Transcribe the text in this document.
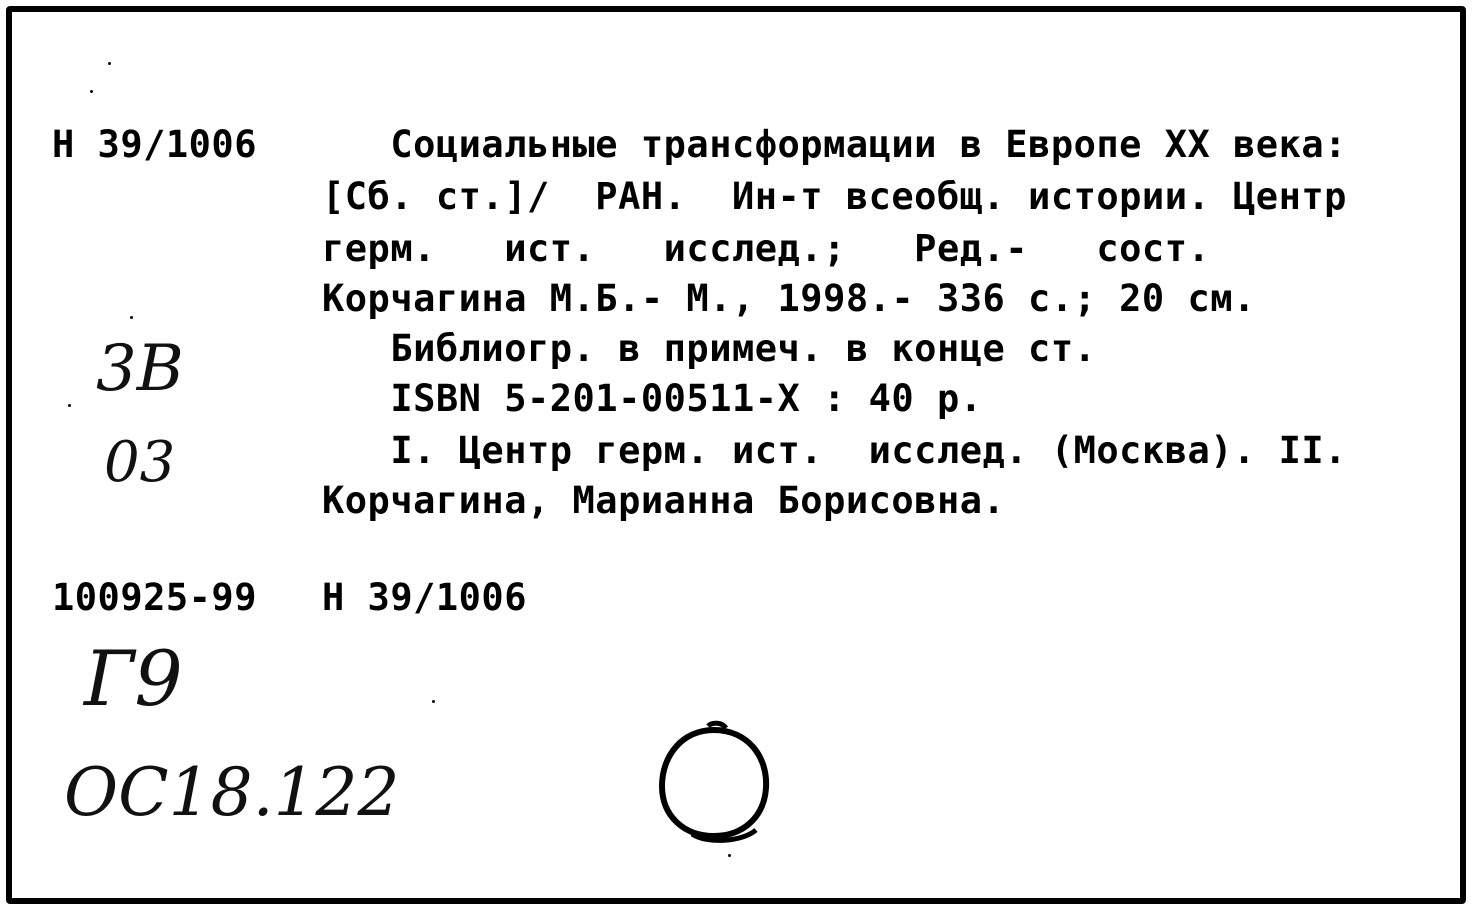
Н 39/1006 Социальные трансформации в Европе XX века:
[Сб. ст.]/  РАН.  Ин-т всеобщ. истории. Центр
герм.   ист.   исслед.;   Ред.-   сост.
Корчагина М.Б.- М., 1998.- 336 с.; 20 см.
Библиогр. в примеч. в конце ст.
ISBN 5-201-00511-X : 40 р.
I. Центр герм. ист.  исслед. (Москва). II.
Корчагина, Марианна Борисовна.
100925-99 Н 39/1006
3В
03
Г9
ОС18.122
